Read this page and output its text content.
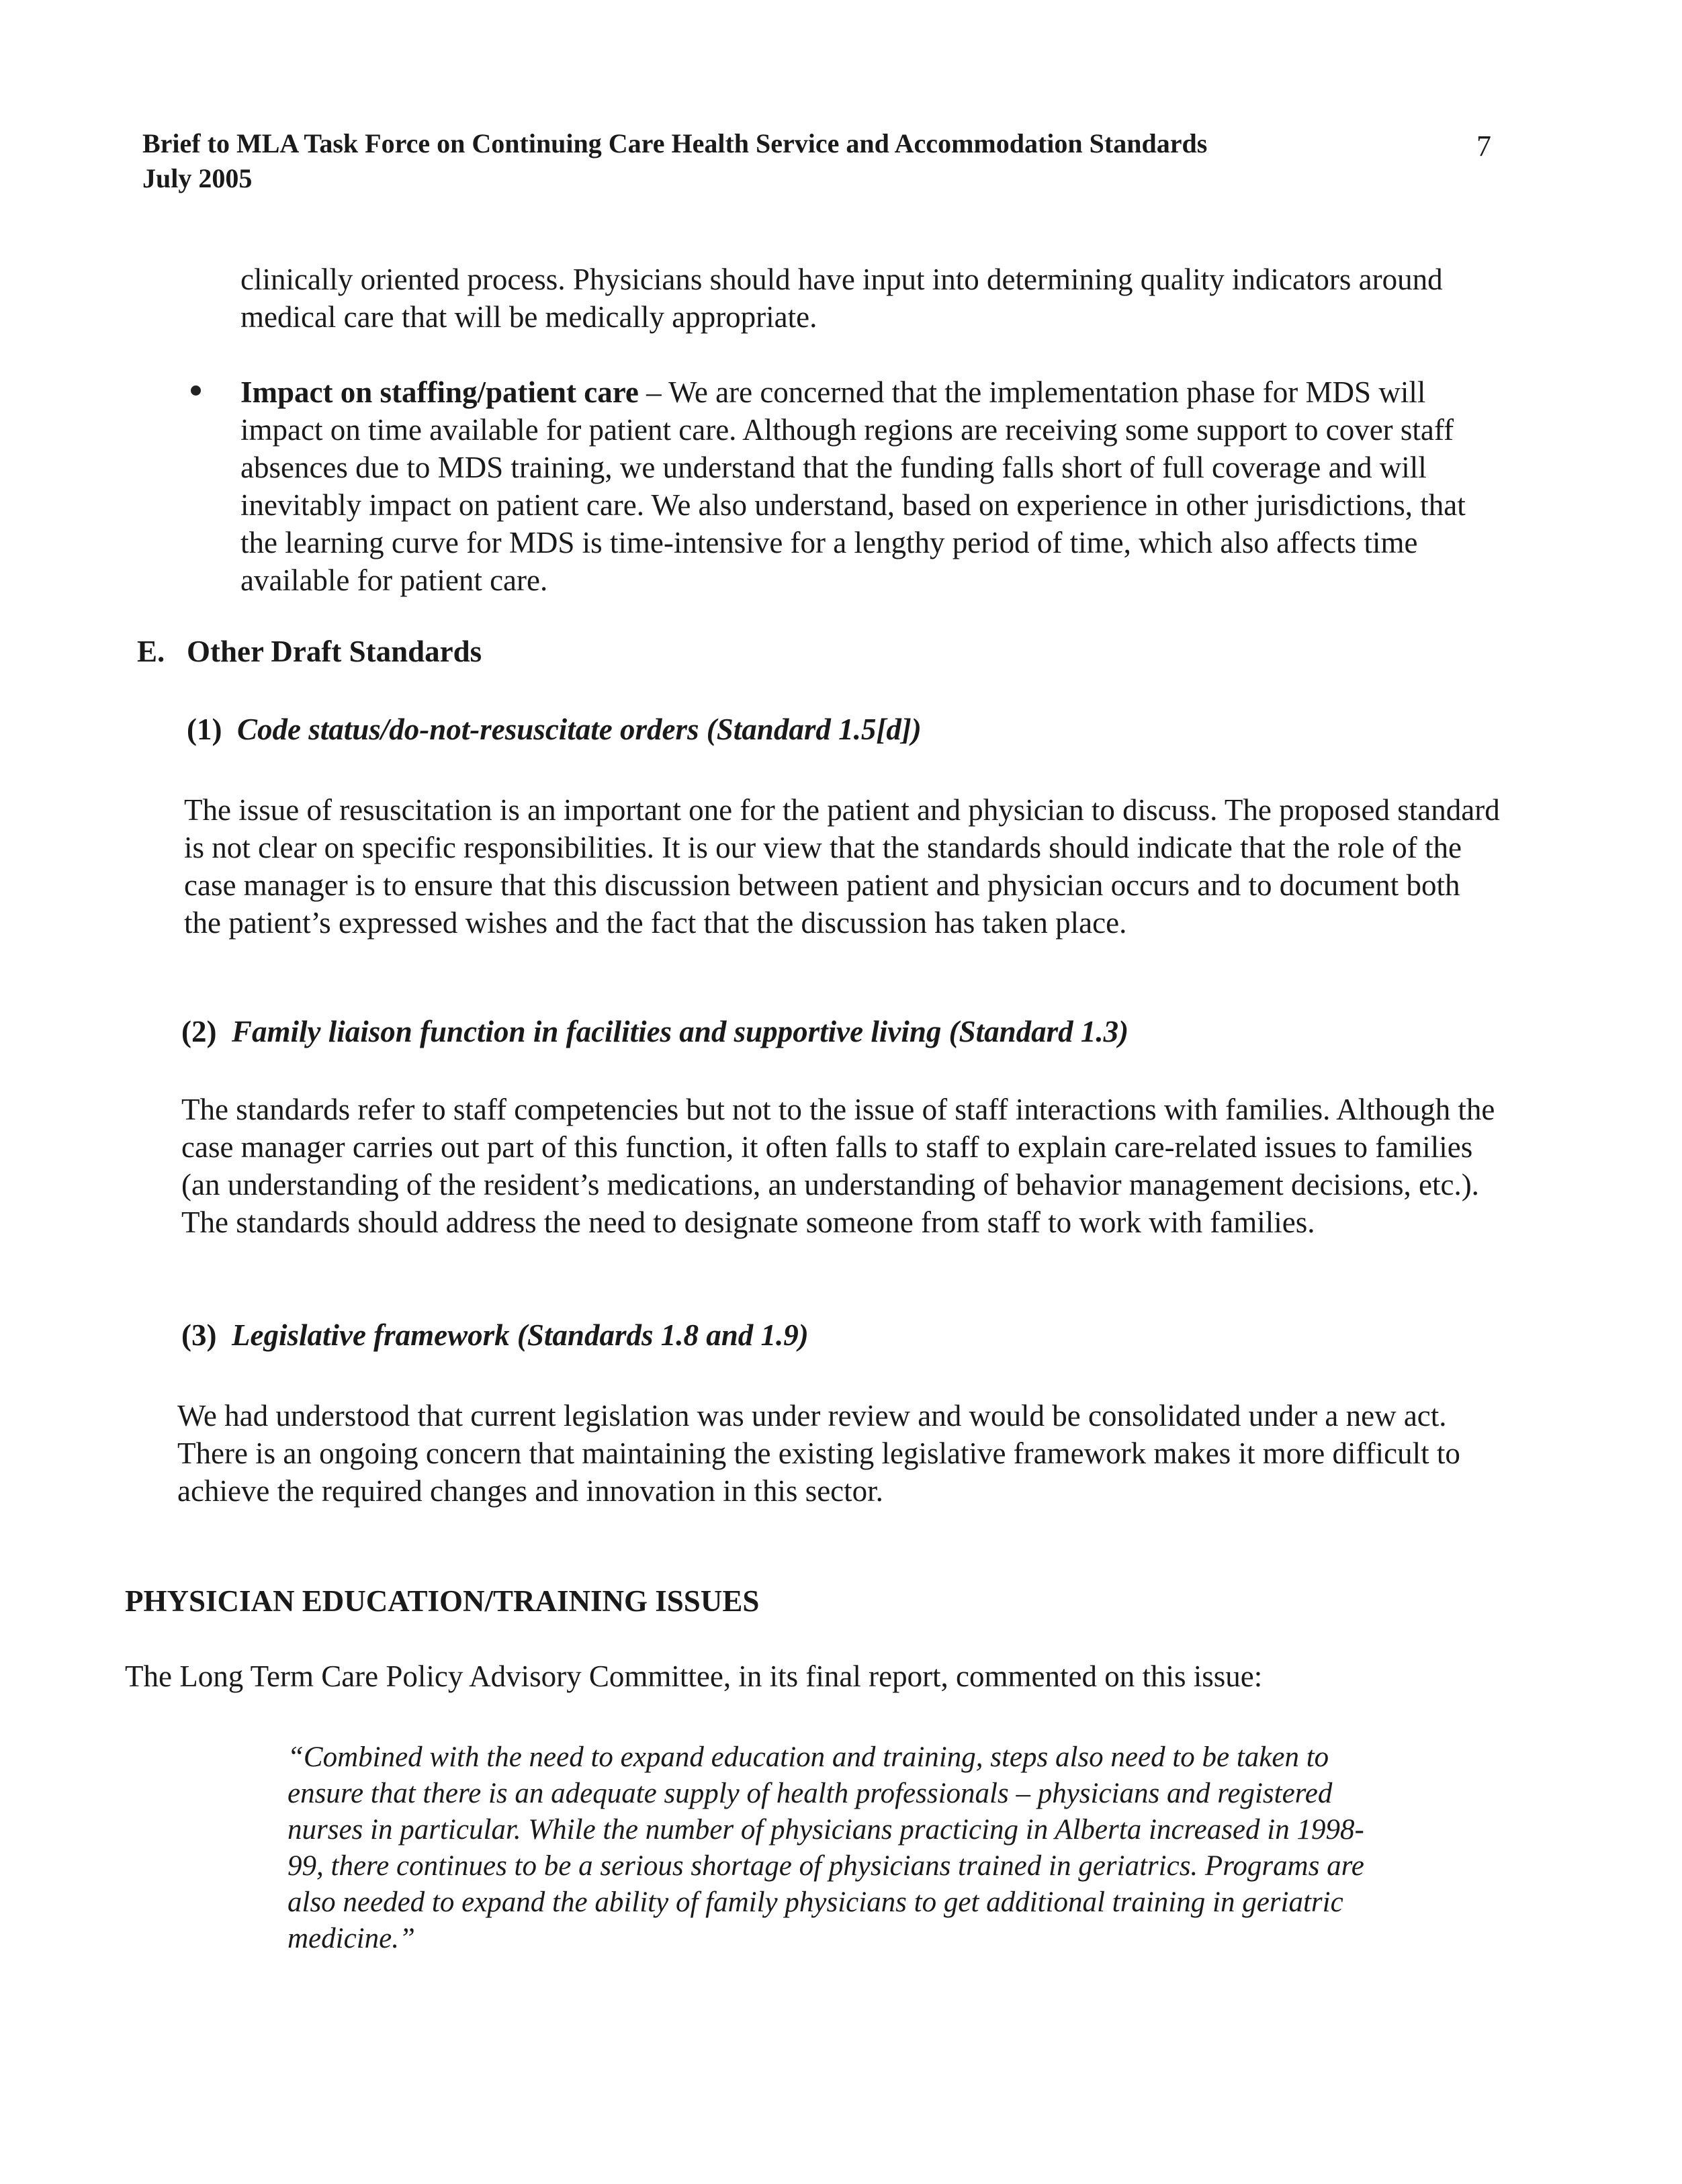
Brief to MLA Task Force on Continuing Care Health Service and Accommodation Standards
July 2005
7
clinically oriented process. Physicians should have input into determining quality indicators around medical care that will be medically appropriate.
Impact on staffing/patient care – We are concerned that the implementation phase for MDS will impact on time available for patient care. Although regions are receiving some support to cover staff absences due to MDS training, we understand that the funding falls short of full coverage and will inevitably impact on patient care. We also understand, based on experience in other jurisdictions, that the learning curve for MDS is time-intensive for a lengthy period of time, which also affects time available for patient care.
E. Other Draft Standards
(1) Code status/do-not-resuscitate orders (Standard 1.5[d])
The issue of resuscitation is an important one for the patient and physician to discuss. The proposed standard is not clear on specific responsibilities. It is our view that the standards should indicate that the role of the case manager is to ensure that this discussion between patient and physician occurs and to document both the patient’s expressed wishes and the fact that the discussion has taken place.
(2) Family liaison function in facilities and supportive living (Standard 1.3)
The standards refer to staff competencies but not to the issue of staff interactions with families. Although the case manager carries out part of this function, it often falls to staff to explain care-related issues to families (an understanding of the resident’s medications, an understanding of behavior management decisions, etc.). The standards should address the need to designate someone from staff to work with families.
(3) Legislative framework (Standards 1.8 and 1.9)
We had understood that current legislation was under review and would be consolidated under a new act. There is an ongoing concern that maintaining the existing legislative framework makes it more difficult to achieve the required changes and innovation in this sector.
PHYSICIAN EDUCATION/TRAINING ISSUES
The Long Term Care Policy Advisory Committee, in its final report, commented on this issue:
“Combined with the need to expand education and training, steps also need to be taken to ensure that there is an adequate supply of health professionals – physicians and registered nurses in particular. While the number of physicians practicing in Alberta increased in 1998-99, there continues to be a serious shortage of physicians trained in geriatrics. Programs are also needed to expand the ability of family physicians to get additional training in geriatric medicine.”
